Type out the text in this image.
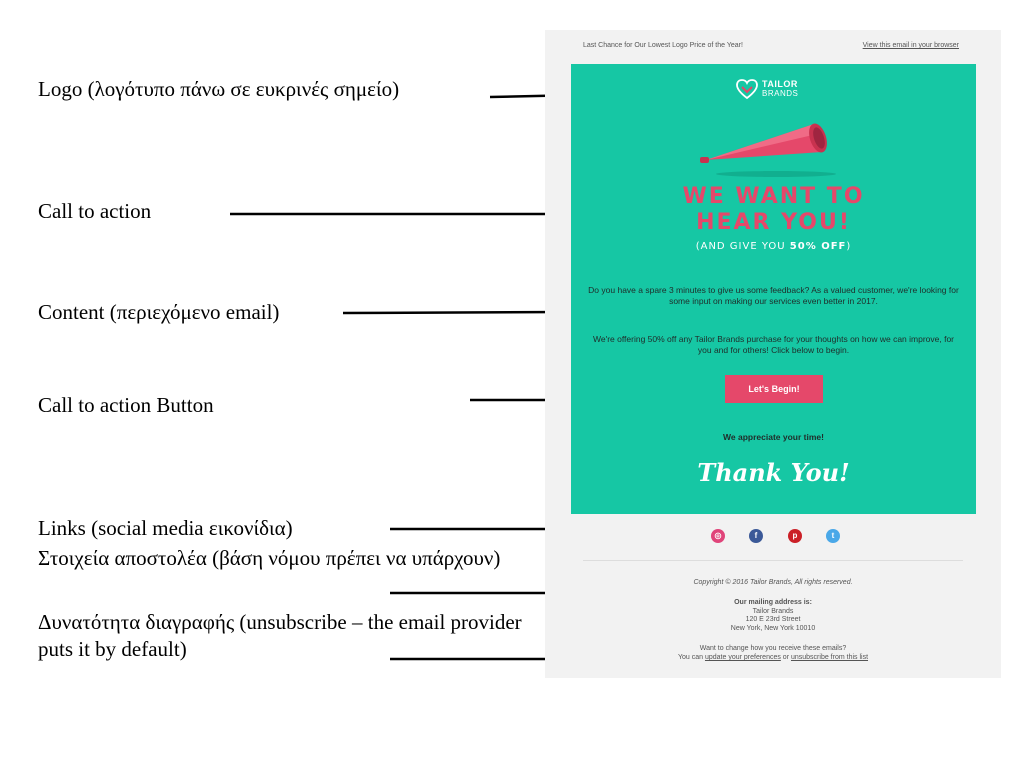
Logo (λογότυπο πάνω σε ευκρινές σημείο)
Call to action
Content (περιεχόμενο email)
Call to action Button
Links (social media εικονίδια)
Στοιχεία αποστολέα (βάση νόμου πρέπει να υπάρχουν)
Δυνατότητα διαγραφής (unsubscribe – the email provider puts it by default)
Last Chance for Our Lowest Logo Price of the Year!	View this email in your browser
TAILOR
BRANDS
WE WANT TO
HEAR YOU!
(AND GIVE YOU 50% OFF)
Do you have a spare 3 minutes to give us some feedback? As a valued customer, we're looking for some input on making our services even better in 2017.
We're offering 50% off any Tailor Brands purchase for your thoughts on how we can improve, for you and for others! Click below to begin.
Let's Begin!
We appreciate your time!
Thank You!
◎	f	p	t
Copyright © 2016 Tailor Brands, All rights reserved.
Our mailing address is:
Tailor Brands
120 E 23rd Street
New York, New York 10010
Want to change how you receive these emails?
You can update your preferences or unsubscribe from this list
